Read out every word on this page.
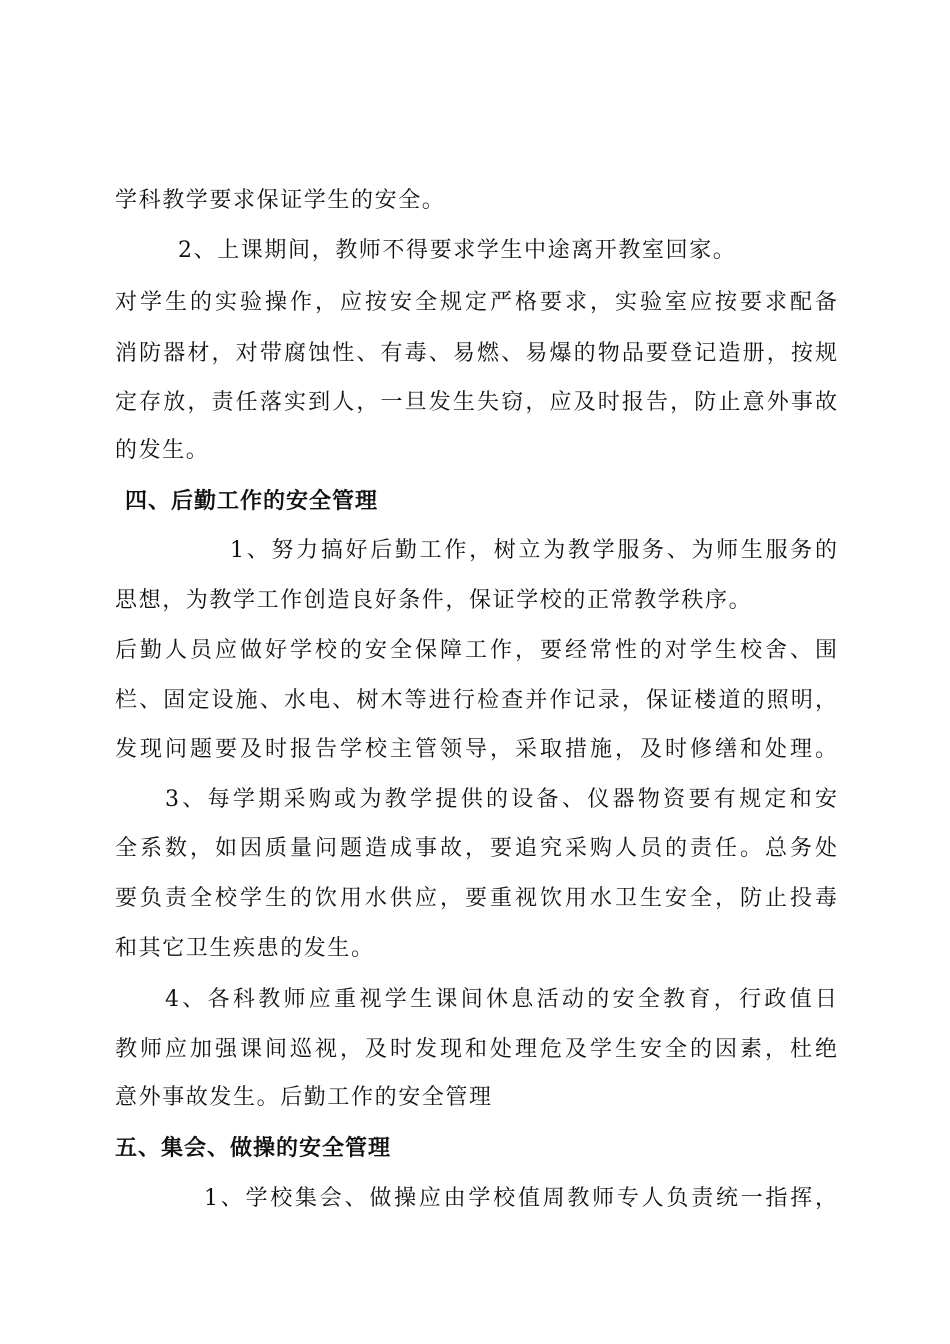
学科教学要求保证学生的安全。
2、上课期间，教师不得要求学生中途离开教室回家。
对学生的实验操作，应按安全规定严格要求，实验室应按要求配备
消防器材，对带腐蚀性、有毒、易燃、易爆的物品要登记造册，按规
定存放，责任落实到人，一旦发生失窃，应及时报告，防止意外事故
的发生。
四、后勤工作的安全管理
1、努力搞好后勤工作，树立为教学服务、为师生服务的
思想，为教学工作创造良好条件，保证学校的正常教学秩序。
后勤人员应做好学校的安全保障工作，要经常性的对学生校舍、围
栏、固定设施、水电、树木等进行检查并作记录，保证楼道的照明，
发现问题要及时报告学校主管领导，采取措施，及时修缮和处理。
3、每学期采购或为教学提供的设备、仪器物资要有规定和安
全系数，如因质量问题造成事故，要追究采购人员的责任。总务处
要负责全校学生的饮用水供应，要重视饮用水卫生安全，防止投毒
和其它卫生疾患的发生。
4、各科教师应重视学生课间休息活动的安全教育，行政值日
教师应加强课间巡视，及时发现和处理危及学生安全的因素，杜绝
意外事故发生。后勤工作的安全管理
五、集会、做操的安全管理
1、学校集会、做操应由学校值周教师专人负责统一指挥，
